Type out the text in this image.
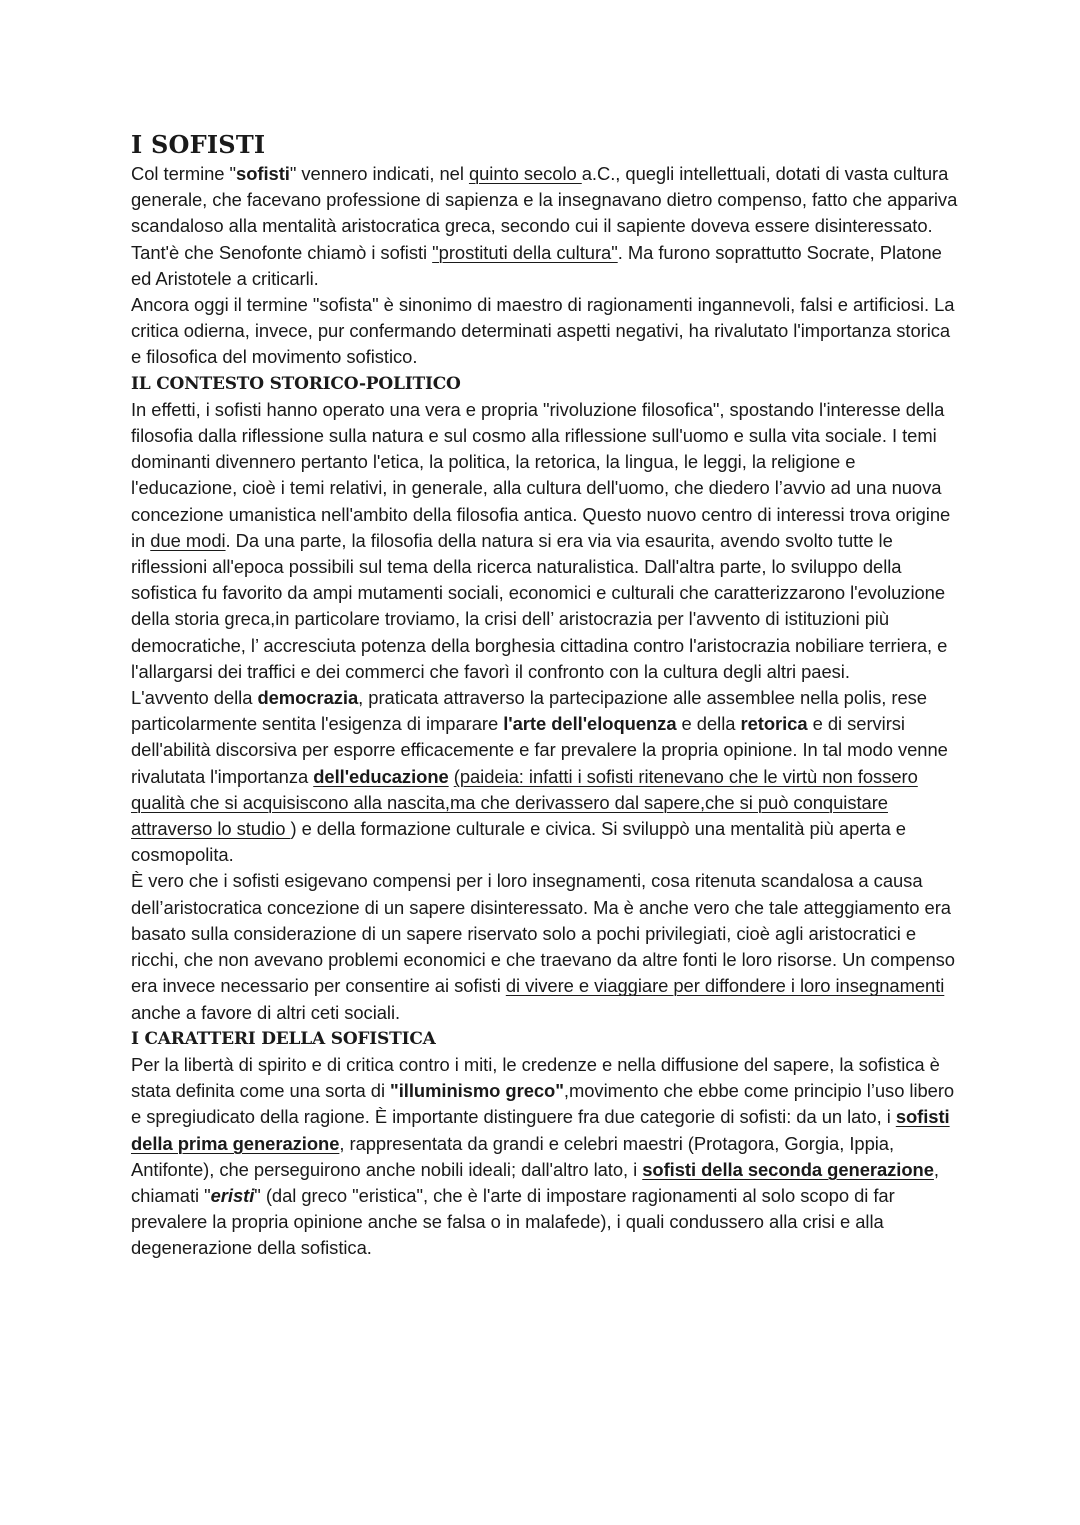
I SOFISTI

Col termine "sofisti" vennero indicati, nel quinto secolo a.C., quegli intellettuali, dotati di vasta cultura generale, che facevano professione di sapienza e la insegnavano dietro compenso, fatto che appariva scandaloso alla mentalità aristocratica greca, secondo cui il sapiente doveva essere disinteressato. Tant'è che Senofonte chiamò i sofisti "prostituti della cultura". Ma furono soprattutto Socrate, Platone ed Aristotele a criticarli.

Ancora oggi il termine "sofista" è sinonimo di maestro di ragionamenti ingannevoli, falsi e artificiosi. La critica odierna, invece, pur confermando determinati aspetti negativi, ha rivalutato l'importanza storica e filosofica del movimento sofistico.

IL CONTESTO STORICO-POLITICO

In effetti, i sofisti hanno operato una vera e propria "rivoluzione filosofica", spostando l'interesse della filosofia dalla riflessione sulla natura e sul cosmo alla riflessione sull'uomo e sulla vita sociale. I temi dominanti divennero pertanto l'etica, la politica, la retorica, la lingua, le leggi, la religione e l'educazione, cioè i temi relativi, in generale, alla cultura dell'uomo, che diedero l’avvio ad una nuova concezione umanistica nell'ambito della filosofia antica. Questo nuovo centro di interessi trova origine in due modi. Da una parte, la filosofia della natura si era via via esaurita, avendo svolto tutte le riflessioni all'epoca possibili sul tema della ricerca naturalistica. Dall'altra parte, lo sviluppo della sofistica fu favorito da ampi mutamenti sociali, economici e culturali che caratterizzarono l'evoluzione della storia greca,in particolare troviamo, la crisi dell’ aristocrazia per l'avvento di istituzioni più democratiche, l’ accresciuta potenza della borghesia cittadina contro l'aristocrazia nobiliare terriera, e l'allargarsi dei traffici e dei commerci che favorì il confronto con la cultura degli altri paesi.

L'avvento della democrazia, praticata attraverso la partecipazione alle assemblee nella polis, rese particolarmente sentita l'esigenza di imparare l'arte dell'eloquenza e della retorica e di servirsi dell'abilità discorsiva per esporre efficacemente e far prevalere la propria opinione. In tal modo venne rivalutata l'importanza dell'educazione (paideia: infatti i sofisti ritenevano che le virtù non fossero qualità che si acquisiscono alla nascita,ma che derivassero dal sapere,che si può conquistare attraverso lo studio ) e della formazione culturale e civica. Si sviluppò una mentalità più aperta e cosmopolita.

È vero che i sofisti esigevano compensi per i loro insegnamenti, cosa ritenuta scandalosa a causa dell’aristocratica concezione di un sapere disinteressato. Ma è anche vero che tale atteggiamento era basato sulla considerazione di un sapere riservato solo a pochi privilegiati, cioè agli aristocratici e ricchi, che non avevano problemi economici e che traevano da altre fonti le loro risorse. Un compenso era invece necessario per consentire ai sofisti di vivere e viaggiare per diffondere i loro insegnamenti anche a favore di altri ceti sociali.

I CARATTERI DELLA SOFISTICA

Per la libertà di spirito e di critica contro i miti, le credenze e nella diffusione del sapere, la sofistica è stata definita come una sorta di "illuminismo greco",movimento che ebbe come principio l’uso libero e spregiudicato della ragione. È importante distinguere fra due categorie di sofisti: da un lato, i sofisti della prima generazione, rappresentata da grandi e celebri maestri (Protagora, Gorgia, Ippia, Antifonte), che perseguirono anche nobili ideali; dall'altro lato, i sofisti della seconda generazione, chiamati "eristi" (dal greco "eristica", che è l'arte di impostare ragionamenti al solo scopo di far prevalere la propria opinione anche se falsa o in malafede), i quali condussero alla crisi e alla degenerazione della sofistica.
